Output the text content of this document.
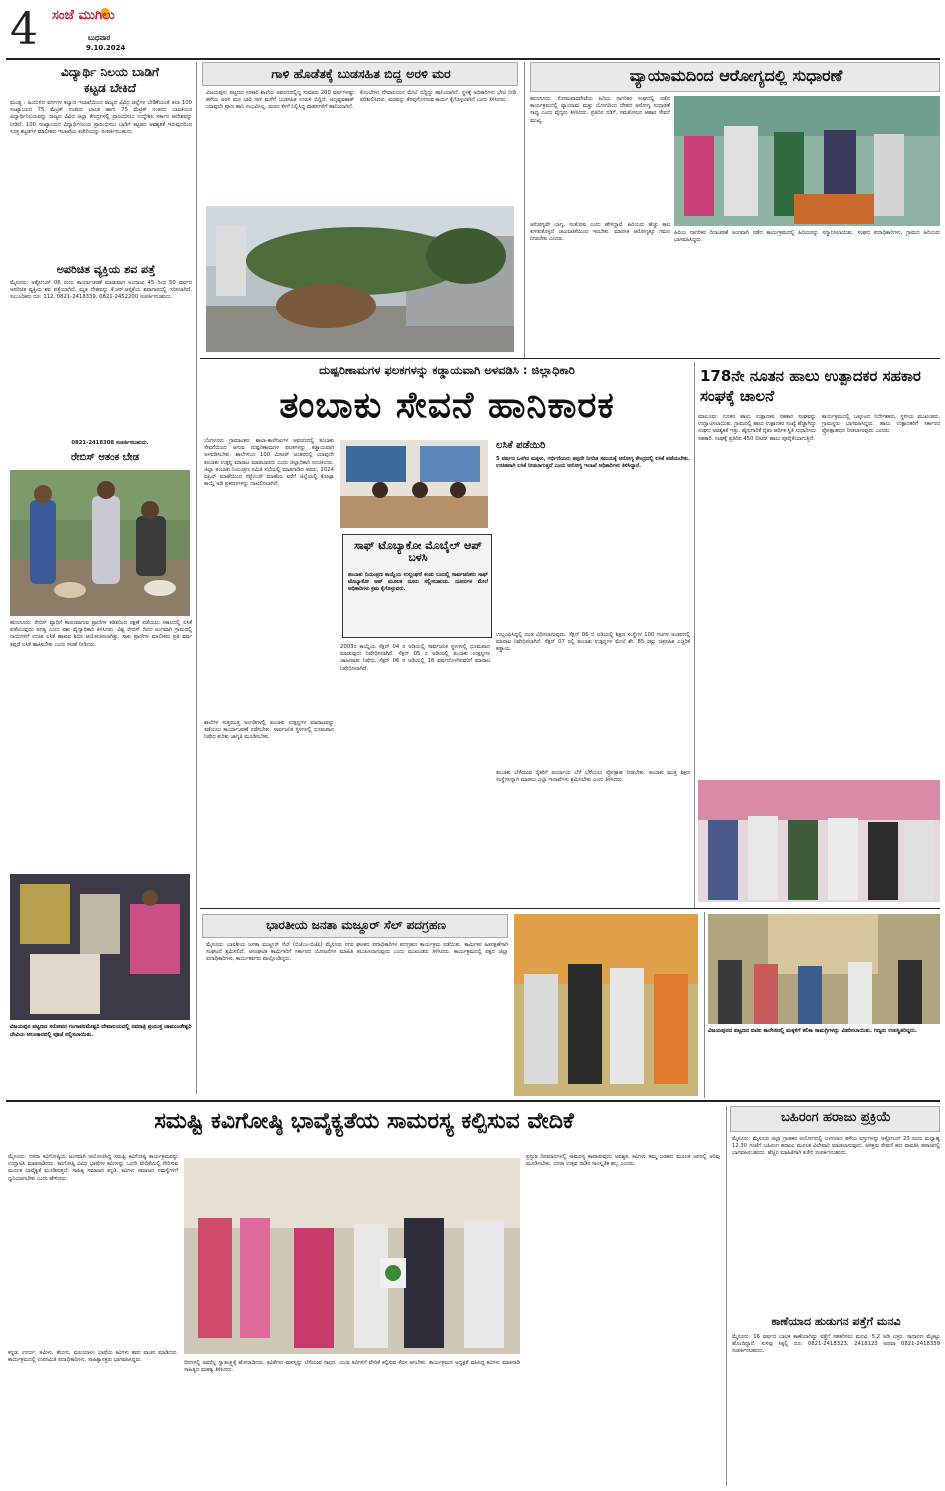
4 ಸಂಜೆ ಮುಗಿಲು
ಬುಧವಾರ
9.10.2024
ವಿದ್ಯಾರ್ಥಿ ನಿಲಯ ಬಾಡಿಗೆ
ಕಟ್ಟಡ ಬೇಕಿದೆ
ಮಂಡ್ಯ : ಹಿಂದುಳಿದ ವರ್ಗಗಳ ಕಲ್ಯಾಣ ಇಲಾಖೆಯಿಂದ ರಾಜ್ಯದ ವಿವಿಧ ಜಿಲ್ಲೆಗಳ ಬೇಡಿಕೆಯಂತೆ ತಲಾ 100 ಸಂಖ್ಯಾಬಲದ 75 ಮೆಟ್ರಿಕ್ ನಂತರದ ಬಾಲಕ ಹಾಗು 75 ಮೆಟ್ರಿಕ್ ನಂತರದ ಬಾಲಕಿಯರ ವಿದ್ಯಾರ್ಥಿನಿಲಯವನ್ನು ರಾಜ್ಯದ ವಿವಿಧ ಜಿಲ್ಲಾ ಕೇಂದ್ರಗಳಲ್ಲಿ ಪ್ರಾರಂಭಿಸಲು ಉದ್ದೇಶಿಸಿ ಸರ್ಕಾರ ಆದೇಶವನ್ನು ನೀಡಿದೆ. 100 ಸಂಖ್ಯಾಬಲದ ವಿದ್ಯಾರ್ಥಿನಿಲಯ ಪ್ರಾರಂಭಿಸಲು ಬಾಡಿಗೆ ಕಟ್ಟಡದ ಅವಶ್ಯಕತೆ ಇರುವುದರಿಂದ ಸೂಕ್ತ ಕಟ್ಟಡಗಳ ಮಾಲೀಕರು ಇಲಾಖೆಯ ಕಚೇರಿಯನ್ನು ಸಂಪರ್ಕಿಸಬಹುದು.
ಅಪರಿಚಿತ ವ್ಯಕ್ತಿಯ ಶವ ಪತ್ತೆ
ಮೈಸೂರು: ಅಕ್ಟೋಬರ್ 06 ರಂದು ಕಾರ್ಯಾಚರಣೆ ಮಾಡುವಾಗ ಅಂದಾಜು 45 ರಿಂದ 50 ವರ್ಷದ ಅಪರಿಚಿತ ವ್ಯಕ್ತಿಯ ಶವ ಪತ್ತೆಯಾಗಿದೆ. ಮೃತ ದೇಹವನ್ನು ಕೆ.ಆರ್.ಆಸ್ಪತ್ರೆಯ ಶವಾಗಾರದಲ್ಲಿ ಇರಿಸಲಾಗಿದೆ. ಸಂಬಂಧಿಕರು ದೂ: 112, 0821-2418339, 0821-2452200 ಸಂಪರ್ಕಿಸಬಹುದು.
0821-2418308 ಸಂಪರ್ಕಿಸಬಹುದು.
ರೇಬಿಸ್ ಆತಂಕ ಬೇಡ
ಹುಣಸೂರು: ರೇಬಿಸ್ ವ್ಯಾಧಿಗೆ ಕಾರಣವಾಗುವ ಪ್ರಾಣಿಗಳ ಕಡಿತದಿಂದ ರಕ್ಷಣೆ ಪಡೆಯಲು ಸಕಾಲದಲ್ಲಿ ಲಸಿಕೆ ಪಡೆಯುವುದು ಅಗತ್ಯ ಎಂದು ಪಶು ವೈದ್ಯಾಧಿಕಾರಿ ತಿಳಿಸಿದರು. ವಿಶ್ವ ರೇಬಿಸ್ ದಿನದ ಅಂಗವಾಗಿ ಗ್ರಾಮದಲ್ಲಿ ನಾಯಿಗಳಿಗೆ ಉಚಿತ ಲಸಿಕೆ ಹಾಕುವ ಶಿಬಿರ ಆಯೋಜಿಸಲಾಗಿತ್ತು. ಸಾಕು ಪ್ರಾಣಿಗಳ ಮಾಲೀಕರು ಪ್ರತಿ ವರ್ಷ ತಪ್ಪದೆ ಲಸಿಕೆ ಹಾಕಿಸಬೇಕು ಎಂದು ಸಲಹೆ ನೀಡಿದರು.
ವಿಜಯಪುರ ಪಟ್ಟಣದ ಸರೋವರ ಗಂಗಾಪರಮೇಶ್ವರಿ ದೇವಾಲಯದಲ್ಲಿ ನವರಾತ್ರಿ ಪ್ರಯುಕ್ತ ಚಾಮುಂಡೇಶ್ವರಿ ದೇವಿಯ ಅಲಂಕಾರದಲ್ಲಿ ಪೂಜೆ ಸಲ್ಲಿಸಲಾಯಿತು.
ಗಾಳಿ ಹೊಡೆತಕ್ಕೆ ಬುಡಸಹಿತ ಬಿದ್ದ ಅರಳಿ ಮರ
ವಿಜಯಪುರ: ಪಟ್ಟಣದ ಸರಕಾರಿ ಶಾಲೆಯ ಆವರಣದಲ್ಲಿದ್ದ ಸುಮಾರು 200 ವರ್ಷಗಳಷ್ಟು ಹಳೆಯ ಅರಳಿ ಮರ ಭಾರಿ ಗಾಳಿ ಮಳೆಗೆ ಬುಡಸಹಿತ ಉರುಳಿ ಬಿದ್ದಿದೆ. ಅದೃಷ್ಟವಶಾತ್ ಯಾವುದೇ ಪ್ರಾಣ ಹಾನಿ ಸಂಭವಿಸಿಲ್ಲ. ಮರದ ಕೆಳಗೆ ನಿಲ್ಲಿಸಿದ್ದ ವಾಹನಗಳಿಗೆ ಹಾನಿಯಾಗಿದೆ.
ಕೊಂಬೆಗಳು ದೇವಾಲಯದ ಮೇಲೆ ಬಿದ್ದಿದ್ದು ಹಾನಿಯಾಗಿದೆ. ಸ್ಥಳಕ್ಕೆ ಅಧಿಕಾರಿಗಳು ಭೇಟಿ ನೀಡಿ ಪರಿಶೀಲಿಸಿದರು. ಮರವನ್ನು ತೆರವುಗೊಳಿಸುವ ಕಾರ್ಯ ಕೈಗೊಳ್ಳಲಾಗಿದೆ ಎಂದು ತಿಳಿಸಿದರು.
ವ್ಯಾಯಾಮದಿಂದ ಆರೋಗ್ಯದಲ್ಲಿ ಸುಧಾರಣೆ
ಹುಣಸೂರು: ಸೋಮವಾರಪೇಟೆಯ ಹಿರಿಯ ನಾಗರಿಕರ ಸಂಘದಲ್ಲಿ ನಡೆದ ಕಾರ್ಯಕ್ರಮದಲ್ಲಿ ವ್ಯಾಯಾಮ ಮತ್ತು ಯೋಗದಿಂದ ದೇಹದ ಆರೋಗ್ಯ ಸುಧಾರಣೆ ಸಾಧ್ಯ ಎಂದು ವೈದ್ಯರು ತಿಳಿಸಿದರು. ಪ್ರತಿದಿನ ನಡಿಗೆ, ಸಮತೋಲನ ಆಹಾರ ಸೇವನೆ ಮುಖ್ಯ.
ಆರೋಗ್ಯವೇ ಭಾಗ್ಯ, ಸಂತೋಷ ಎಂದು ಹೇಳಿದ್ದಾರೆ. ಹಿರಿಯರು ಹೆಚ್ಚು ಕಾಲ ಕುಳಿತುಕೊಳ್ಳದೆ ಚಟುವಟಿಕೆಯಿಂದ ಇರಬೇಕು. ಮಾನಸಿಕ ಆರೋಗ್ಯಕ್ಕೂ ಗಮನ ನೀಡಬೇಕು ಎಂದರು.
ಹಿರಿಯ ನಾಗರಿಕರ ದಿನಾಚರಣೆ ಅಂಗವಾಗಿ ನಡೆದ ಕಾರ್ಯಕ್ರಮದಲ್ಲಿ ಹಿರಿಯರನ್ನು ಸನ್ಮಾನಿಸಲಾಯಿತು. ಸಂಘದ ಪದಾಧಿಕಾರಿಗಳು, ಗ್ರಾಮದ ಹಿರಿಯರು ಭಾಗವಹಿಸಿದ್ದರು.
ದುಷ್ಪರಿಣಾಮಗಳ ಫಲಕಗಳನ್ನು ಕಡ್ಡಾಯವಾಗಿ ಅಳವಡಿಸಿ : ಜಿಲ್ಲಾಧಿಕಾರಿ
ತಂಬಾಕು ಸೇವನೆ ಹಾನಿಕಾರಕ
ಬೆಂಗಳೂರು ಗ್ರಾಮಾಂತರ: ಶಾಲಾ-ಕಾಲೇಜುಗಳ ಆವರಣದಲ್ಲಿ ತಂಬಾಕು ಸೇವನೆಯಿಂದ ಆಗುವ ದುಷ್ಪರಿಣಾಮಗಳ ಫಲಕಗಳನ್ನು ಕಡ್ಡಾಯವಾಗಿ ಅಳವಡಿಸಬೇಕು. ಶಾಲೆಗಳಿಂದ 100 ಮೀಟರ್ ಅಂತರದಲ್ಲಿ ಯಾವುದೇ ತಂಬಾಕು ಉತ್ಪನ್ನ ಮಾರಾಟ ಮಾಡಬಾರದು ಎಂದು ಜಿಲ್ಲಾಧಿಕಾರಿ ಸೂಚಿಸಿದರು. ಜಿಲ್ಲಾ ತಂಬಾಕು ನಿಯಂತ್ರಣ ಸಮಿತಿ ಸಭೆಯಲ್ಲಿ ಮಾತನಾಡಿದ ಅವರು, 2024 ಏಪ್ರಿಲ್ ಮಾಹೆಯಿಂದ ಸೆಪ್ಟೆಂಬರ್ ಮಾಹೆಯ ವರೆಗೆ ಜಿಲ್ಲೆಯಲ್ಲಿ ಕೋಟ್ಪಾ ಕಾಯ್ದೆ ಅಡಿ ಪ್ರಕರಣಗಳನ್ನು ದಾಖಲಿಸಲಾಗಿದೆ.
ಶಾಲೆಗಳ ಸುತ್ತಮುತ್ತ ಅಂಗಡಿಗಳಲ್ಲಿ ತಂಬಾಕು ಉತ್ಪನ್ನಗಳ ಮಾರಾಟವನ್ನು ತಡೆಯಲು ಕಾರ್ಯಾಚರಣೆ ನಡೆಸಬೇಕು. ಸಾರ್ವಜನಿಕ ಸ್ಥಳಗಳಲ್ಲಿ ಧೂಮಪಾನ ನಿಷೇಧ ಕುರಿತು ಜಾಗೃತಿ ಮೂಡಿಸಬೇಕು.
ಸಾಫ್ ಟೊಬ್ಯಾಕೋ ಮೊಬೈಲ್ ಆಪ್ ಬಳಸಿ
ತಂಬಾಕು ನಿಯಂತ್ರಣ ಕಾಯ್ದೆಯ ಉಲ್ಲಂಘನೆ ಕಂಡು ಬಂದಲ್ಲಿ ಸಾರ್ವಜನಿಕರು ಸಾಫ್ ಟೊಬ್ಯಾಕೋ ಆಪ್ ಮೂಲಕ ದೂರು ಸಲ್ಲಿಸಬಹುದು. ದೂರುಗಳ ಮೇಲೆ ಅಧಿಕಾರಿಗಳು ಕ್ರಮ ಕೈಗೊಳ್ಳುವರು.
2003ರ ಕಾಯ್ದೆಯ ಸೆಕ್ಷನ್ 04 ರ ಅಡಿಯಲ್ಲಿ ಸಾರ್ವಜನಿಕ ಸ್ಥಳಗಳಲ್ಲಿ ಧೂಮಪಾನ ಮಾಡುವುದು ನಿಷೇಧಿಸಲಾಗಿದೆ. ಸೆಕ್ಷನ್ 05 ರ ಅಡಿಯಲ್ಲಿ ತಂಬಾಕು ಉತ್ಪನ್ನಗಳ ಜಾಹೀರಾತು ನಿಷೇಧ, ಸೆಕ್ಷನ್ 06 ರ ಅಡಿಯಲ್ಲಿ 18 ವರ್ಷದೊಳಗಿನವರಿಗೆ ಮಾರಾಟ ನಿಷೇಧಿಸಲಾಗಿದೆ.
ಲಸಿಕೆ ಪಡೆಯಿರಿ
5 ವರ್ಷದ ಒಳಗಿನ ಮಕ್ಕಳು, ಗರ್ಭಿಣಿಯರು ತಪ್ಪದೇ ನಿಗದಿತ ಸಮಯಕ್ಕೆ ಆರೋಗ್ಯ ಕೇಂದ್ರದಲ್ಲಿ ಲಸಿಕೆ ಪಡೆಯಬೇಕು. ಉಚಿತವಾಗಿ ಲಸಿಕೆ ನೀಡಲಾಗುತ್ತದೆ ಎಂದು ಆರೋಗ್ಯ ಇಲಾಖೆ ಅಧಿಕಾರಿಗಳು ತಿಳಿಸಿದ್ದಾರೆ.
ಉಲ್ಲಂಘಿಸಿದ್ದಲ್ಲಿ ದಂಡ ವಿಧಿಸಲಾಗುವುದು. ಸೆಕ್ಷನ್ 06 ಬಿ ಅಡಿಯಲ್ಲಿ ಶಿಕ್ಷಣ ಸಂಸ್ಥೆಗಳ 100 ಗಜಗಳ ಅಂತರದಲ್ಲಿ ಮಾರಾಟ ನಿಷೇಧಿಸಲಾಗಿದೆ. ಸೆಕ್ಷನ್ 07 ರಲ್ಲಿ ತಂಬಾಕು ಉತ್ಪನ್ನಗಳ ಮೇಲೆ ಶೇ. 85 ರಷ್ಟು ಚಿತ್ರಸಹಿತ ಎಚ್ಚರಿಕೆ ಕಡ್ಡಾಯ.
ತಂಬಾಕು ಬೆಳೆಯುವ ರೈತರಿಗೆ ಪರ್ಯಾಯ ಬೆಳೆ ಬೆಳೆಯಲು ಪ್ರೋತ್ಸಾಹ ನೀಡಬೇಕು. ತಂಬಾಕು ಮುಕ್ತ ಶಿಕ್ಷಣ ಸಂಸ್ಥೆಗಳನ್ನಾಗಿ ಮಾಡಲು ಎಲ್ಲಾ ಇಲಾಖೆಗಳು ಶ್ರಮಿಸಬೇಕು ಎಂದು ತಿಳಿಸಿದರು.
178ನೇ ನೂತನ ಹಾಲು ಉತ್ಪಾದಕರ ಸಹಕಾರ ಸಂಘಕ್ಕೆ ಚಾಲನೆ
ಮಾಲೂರು: ನೂತನ ಹಾಲು ಉತ್ಪಾದಕರ ಸಹಕಾರ ಸಂಘವನ್ನು ಉದ್ಘಾಟಿಸಲಾಯಿತು. ಗ್ರಾಮದಲ್ಲಿ ಹಾಲು ಉತ್ಪಾದಕರ ಸಂಖ್ಯೆ ಹೆಚ್ಚಾಗಿದ್ದು ಸಂಘದ ಅವಶ್ಯಕತೆ ಇತ್ತು. ಹೈನುಗಾರಿಕೆ ರೈತರ ಆರ್ಥಿಕ ಸ್ಥಿತಿ ಸುಧಾರಿಸಲು ಸಹಕಾರಿ. ಸಂಘಕ್ಕೆ ಪ್ರತಿದಿನ 450 ಲೀಟರ್ ಹಾಲು ಪೂರೈಕೆಯಾಗುತ್ತಿದೆ.
ಕಾರ್ಯಕ್ರಮದಲ್ಲಿ ಒಕ್ಕೂಟದ ನಿರ್ದೇಶಕರು, ಸ್ಥಳೀಯ ಮುಖಂಡರು, ಗ್ರಾಮಸ್ಥರು ಭಾಗವಹಿಸಿದ್ದರು. ಹಾಲು ಉತ್ಪಾದಕರಿಗೆ ಸರ್ಕಾರದ ಪ್ರೋತ್ಸಾಹಧನ ನೀಡಲಾಗುವುದು ಎಂದರು.
ಭಾರತೀಯ ಜನತಾ ಮಜ್ದೂರ್ ಸೆಲ್ ಪದಗ್ರಹಣ
ಮೈಸೂರು: ಭಾರತೀಯ ಜನತಾ ಮಜ್ದೂರ್ ಸೆಲ್ (ಬಿಜೆಎಂ-ಬಿಜೆಪಿ) ಮೈಸೂರು ನಗರ ಘಟಕದ ಪದಾಧಿಕಾರಿಗಳ ಪದಗ್ರಹಣ ಕಾರ್ಯಕ್ರಮ ನಡೆಯಿತು. ಕಾರ್ಮಿಕರ ಹಿತರಕ್ಷಣೆಗಾಗಿ ಸಂಘಟನೆ ಶ್ರಮಿಸಲಿದೆ. ಅಸಂಘಟಿತ ಕಾರ್ಮಿಕರಿಗೆ ಸರ್ಕಾರದ ಯೋಜನೆಗಳ ಮಾಹಿತಿ ತಲುಪಿಸಲಾಗುವುದು ಎಂದು ಮುಖಂಡರು ತಿಳಿಸಿದರು. ಕಾರ್ಯಕ್ರಮದಲ್ಲಿ ಪಕ್ಷದ ಜಿಲ್ಲಾ ಪದಾಧಿಕಾರಿಗಳು, ಕಾರ್ಯಕರ್ತರು ಪಾಲ್ಗೊಂಡಿದ್ದರು.
ವಿಜಯಪುರದ ಪಟ್ಟಣದ ಐಟಿಐ ಕಾಲೇಜಿನಲ್ಲಿ ಮಕ್ಕಳಿಗೆ ಕಲಿಕಾ ಸಾಮಗ್ರಿಗಳನ್ನು ವಿತರಿಸಲಾಯಿತು. ಗಣ್ಯರು ಉಪಸ್ಥಿತರಿದ್ದರು.
ಸಮಷ್ಟಿ ಕವಿಗೋಷ್ಠಿ ಭಾವೈಕ್ಯತೆಯ ಸಾಮರಸ್ಯ ಕಲ್ಪಿಸುವ ವೇದಿಕೆ
ಮೈಸೂರು: ದಸರಾ ಕವಿಗೋಷ್ಠಿಯ ಅಂಗವಾಗಿ ಆಯೋಜಿಸಿದ್ದ ಸಮಷ್ಟಿ ಕವಿಗೋಷ್ಠಿ ಕಾರ್ಯಕ್ರಮವನ್ನು ಉದ್ಘಾಟಿಸಿ ಮಾತನಾಡಿದರು. ಕವಿಗೋಷ್ಠಿ ವಿವಿಧ ಭಾಷೆಗಳ ಕವಿಗಳನ್ನು ಒಂದೇ ವೇದಿಕೆಯಲ್ಲಿ ಸೇರಿಸುವ ಮೂಲಕ ಭಾವೈಕ್ಯತೆ ಮೂಡಿಸುತ್ತದೆ. ಸಾಹಿತ್ಯ ಸಮಾಜದ ಕನ್ನಡಿ. ಕವಿಗಳು ಸಮಾಜದ ಸಮಸ್ಯೆಗಳಿಗೆ ಧ್ವನಿಯಾಗಬೇಕು ಎಂದು ಹೇಳಿದರು.
ಕನ್ನಡ, ಉರ್ದು, ತಮಿಳು, ತೆಲುಗು, ಮಲಯಾಳಂ ಭಾಷೆಯ ಕವಿಗಳು ಕವನ ವಾಚನ ಮಾಡಿದರು. ಕಾರ್ಯಕ್ರಮದಲ್ಲಿ ಉಪಸಮಿತಿ ಪದಾಧಿಕಾರಿಗಳು, ಸಾಹಿತ್ಯಾಸಕ್ತರು ಭಾಗವಹಿಸಿದ್ದರು.	ದಿನಗಳಲ್ಲಿ ಅವರೆಲ್ಲ ಸ್ವಾತಂತ್ರ್ಯಕ್ಕೆ ಹೋರಾಡಿದರು. ಕವಿತೆಗಳು ಮನಸ್ಸನ್ನು ಬೆಸೆಯುವ ಸಾಧನ. ಯುವ ಕವಿಗಳಿಗೆ ವೇದಿಕೆ ಕಲ್ಪಿಸುವ ಕೆಲಸ ಆಗಬೇಕು. ಕಾರ್ಯಕ್ರಮದ ಅಧ್ಯಕ್ಷತೆ ವಹಿಸಿದ್ದ ಕವಿಗಳು ಮಾತನಾಡಿ ಸಾಹಿತ್ಯದ ಮಹತ್ವ ತಿಳಿಸಿದರು.
ಪ್ರಸ್ತುತ ದಿನಮಾನಗಳಲ್ಲಿ ಸಾಮರಸ್ಯ ಕಾಪಾಡುವುದು ಅವಶ್ಯಕ. ಕವಿಗಳು ತಮ್ಮ ಬರಹದ ಮೂಲಕ ಜನರಲ್ಲಿ ಅರಿವು ಮೂಡಿಸಬೇಕು. ದಸರಾ ಉತ್ಸವ ನಾಡಿನ ಸಾಂಸ್ಕೃತಿಕ ಹಬ್ಬ ಎಂದರು.
ಬಹಿರಂಗ ಹರಾಜು ಪ್ರಕ್ರಿಯೆ
ಮೈಸೂರು: ಮೈಸೂರು ಜಿಲ್ಲಾ ಗ್ರಾಹಕರ ಆಯೋಗದಲ್ಲಿ ಬಳಸಲಾದ ಹಳೆಯ ವಸ್ತುಗಳನ್ನು ಅಕ್ಟೋಬರ್ 23 ರಂದು ಮಧ್ಯಾಹ್ನ 12.30 ಗಂಟೆಗೆ ಬಹಿರಂಗ ಹರಾಜು ಮೂಲಕ ವಿಲೇವಾರಿ ಮಾಡಲಾಗುವುದು. ಆಸಕ್ತರು ಠೇವಣಿ ಹಣ ಪಾವತಿಸಿ ಹರಾಜಿನಲ್ಲಿ ಭಾಗವಹಿಸಬಹುದು. ಹೆಚ್ಚಿನ ಮಾಹಿತಿಗಾಗಿ ಕಚೇರಿ ಸಂಪರ್ಕಿಸಬಹುದು.
ಕಾಣೆಯಾದ ಹುಡುಗನ ಪತ್ತೆಗೆ ಮನವಿ
ಮೈಸೂರು: 16 ವರ್ಷದ ಬಾಲಕ ಕಾಣೆಯಾಗಿದ್ದು ಪತ್ತೆಗೆ ಸಹಕರಿಸಲು ಮನವಿ. 5.2 ಅಡಿ ಎತ್ತರ, ಸಾಧಾರಣ ಮೈಕಟ್ಟು ಹೊಂದಿದ್ದಾನೆ. ಸುಳಿವು ಸಿಕ್ಕಲ್ಲಿ ದೂ: 0821-2418323, 2418123 ಅಥವಾ 0821-2418339 ಸಂಪರ್ಕಿಸಬಹುದು.
